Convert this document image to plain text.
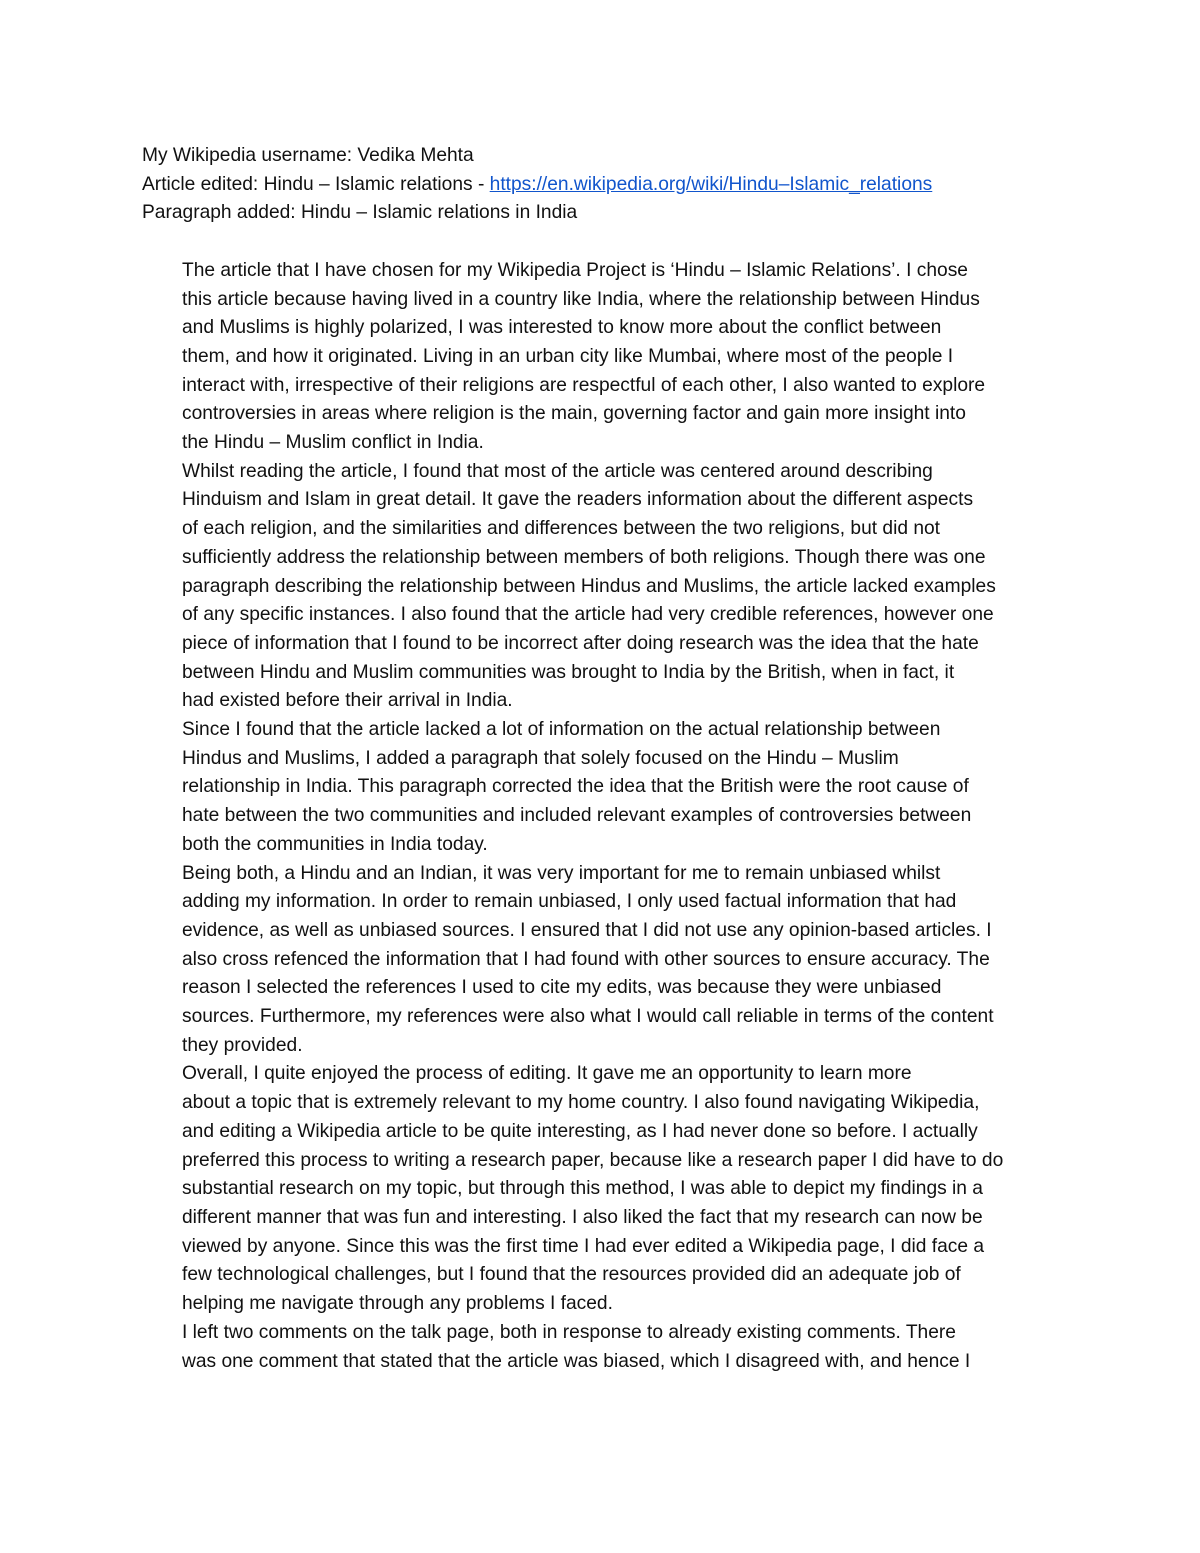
My Wikipedia username: Vedika Mehta

Article edited: Hindu – Islamic relations - https://en.wikipedia.org/wiki/Hindu–Islamic_relations

Paragraph added: Hindu – Islamic relations in India

The article that I have chosen for my Wikipedia Project is ‘Hindu – Islamic Relations’. I chose
this article because having lived in a country like India, where the relationship between Hindus
and Muslims is highly polarized, I was interested to know more about the conflict between
them, and how it originated. Living in an urban city like Mumbai, where most of the people I
interact with, irrespective of their religions are respectful of each other, I also wanted to explore
controversies in areas where religion is the main, governing factor and gain more insight into
the Hindu – Muslim conflict in India.

Whilst reading the article, I found that most of the article was centered around describing
Hinduism and Islam in great detail. It gave the readers information about the different aspects
of each religion, and the similarities and differences between the two religions, but did not
sufficiently address the relationship between members of both religions. Though there was one
paragraph describing the relationship between Hindus and Muslims, the article lacked examples
of any specific instances. I also found that the article had very credible references, however one
piece of information that I found to be incorrect after doing research was the idea that the hate
between Hindu and Muslim communities was brought to India by the British, when in fact, it
had existed before their arrival in India.

Since I found that the article lacked a lot of information on the actual relationship between
Hindus and Muslims, I added a paragraph that solely focused on the Hindu – Muslim
relationship in India. This paragraph corrected the idea that the British were the root cause of
hate between the two communities and included relevant examples of controversies between
both the communities in India today.

Being both, a Hindu and an Indian, it was very important for me to remain unbiased whilst
adding my information. In order to remain unbiased, I only used factual information that had
evidence, as well as unbiased sources. I ensured that I did not use any opinion-based articles. I
also cross refenced the information that I had found with other sources to ensure accuracy. The
reason I selected the references I used to cite my edits, was because they were unbiased
sources. Furthermore, my references were also what I would call reliable in terms of the content
they provided.

Overall, I quite enjoyed the process of editing. It gave me an opportunity to learn more
about a topic that is extremely relevant to my home country. I also found navigating Wikipedia,
and editing a Wikipedia article to be quite interesting, as I had never done so before. I actually
preferred this process to writing a research paper, because like a research paper I did have to do
substantial research on my topic, but through this method, I was able to depict my findings in a
different manner that was fun and interesting. I also liked the fact that my research can now be
viewed by anyone. Since this was the first time I had ever edited a Wikipedia page, I did face a
few technological challenges, but I found that the resources provided did an adequate job of
helping me navigate through any problems I faced.

I left two comments on the talk page, both in response to already existing comments. There
was one comment that stated that the article was biased, which I disagreed with, and hence I
